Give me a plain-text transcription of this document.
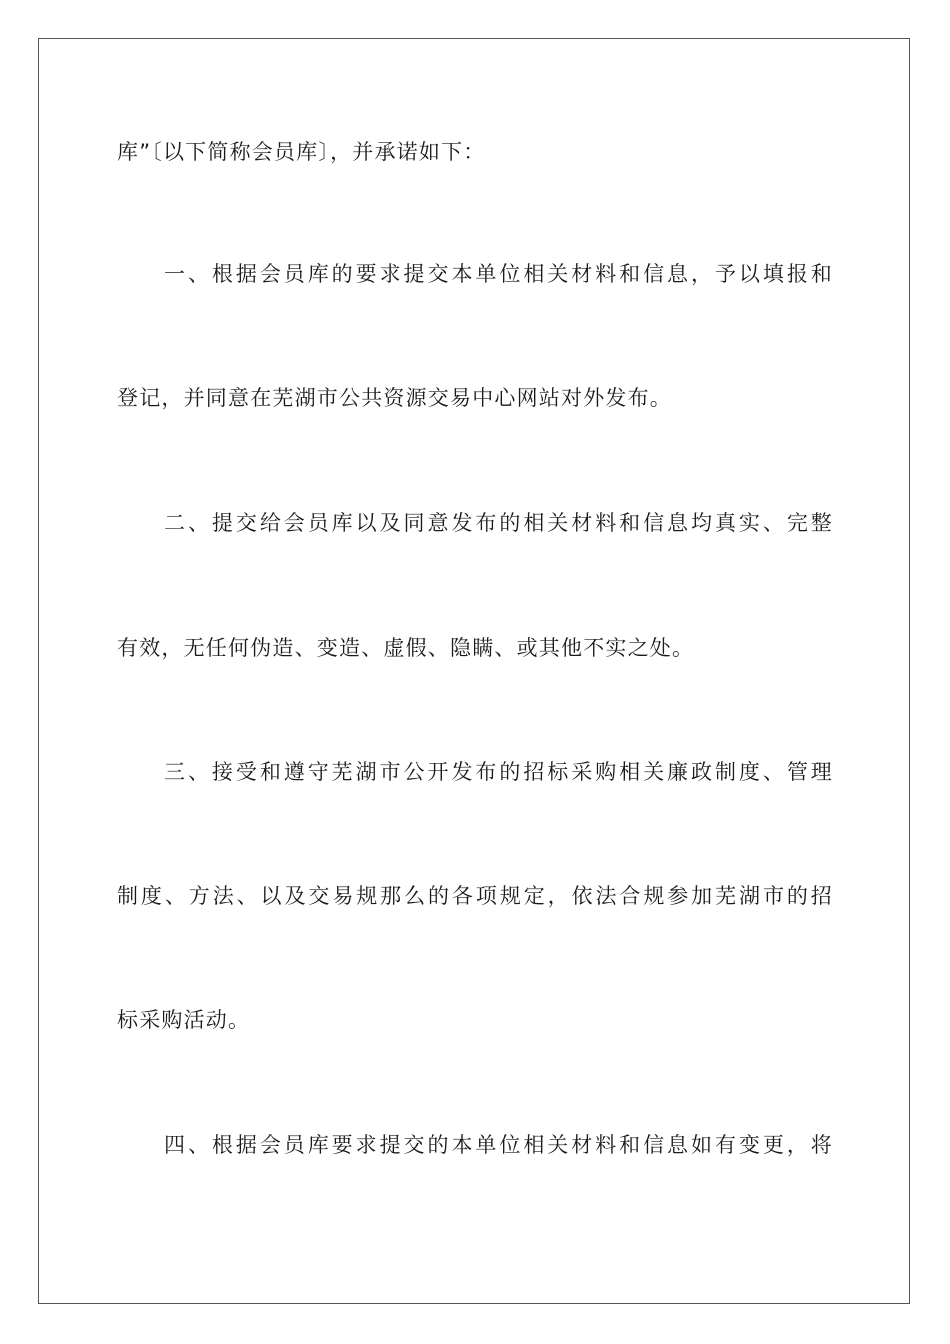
库”〔以下简称会员库〕，并承诺如下：
一、根据会员库的要求提交本单位相关材料和信息，予以填报和
登记，并同意在芜湖市公共资源交易中心网站对外发布。
二、提交给会员库以及同意发布的相关材料和信息均真实、完整
有效，无任何伪造、变造、虚假、隐瞒、或其他不实之处。
三、接受和遵守芜湖市公开发布的招标采购相关廉政制度、管理
制度、方法、以及交易规那么的各项规定，依法合规参加芜湖市的招
标采购活动。
四、根据会员库要求提交的本单位相关材料和信息如有变更，将
